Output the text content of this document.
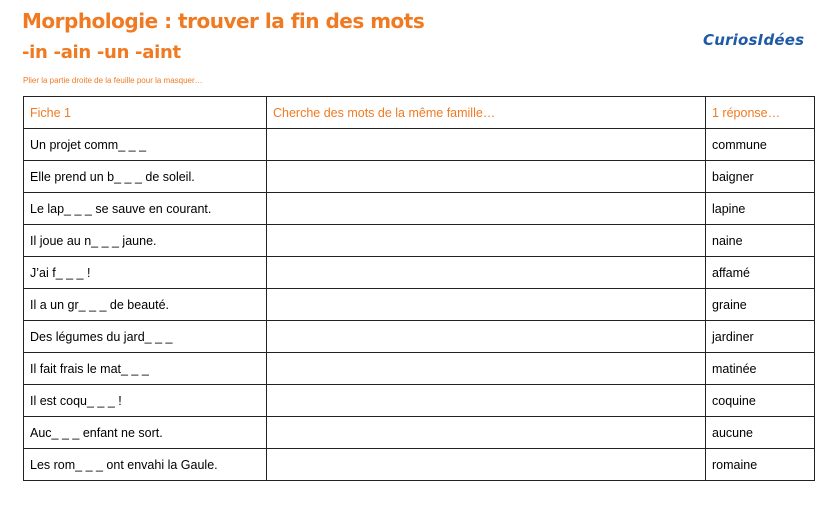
Morphologie : trouver la fin des mots
-in -ain -un -aint
Plier la partie droite de la feuille pour la masquer…
CuriosIdées
Fiche 1	Cherche des mots de la même famille…	1 réponse…
Un projet comm_ _ _		commune
Elle prend un b_ _ _ de soleil.		baigner
Le lap_ _ _ se sauve en courant.		lapine
Il joue au n_ _ _ jaune.		naine
J’ai f_ _ _ !		affamé
Il a un gr_ _ _ de beauté.		graine
Des légumes du jard_ _ _		jardiner
Il fait frais le mat_ _ _		matinée
Il est coqu_ _ _ !		coquine
Auc_ _ _ enfant ne sort.		aucune
Les rom_ _ _ ont envahi la Gaule.		romaine
